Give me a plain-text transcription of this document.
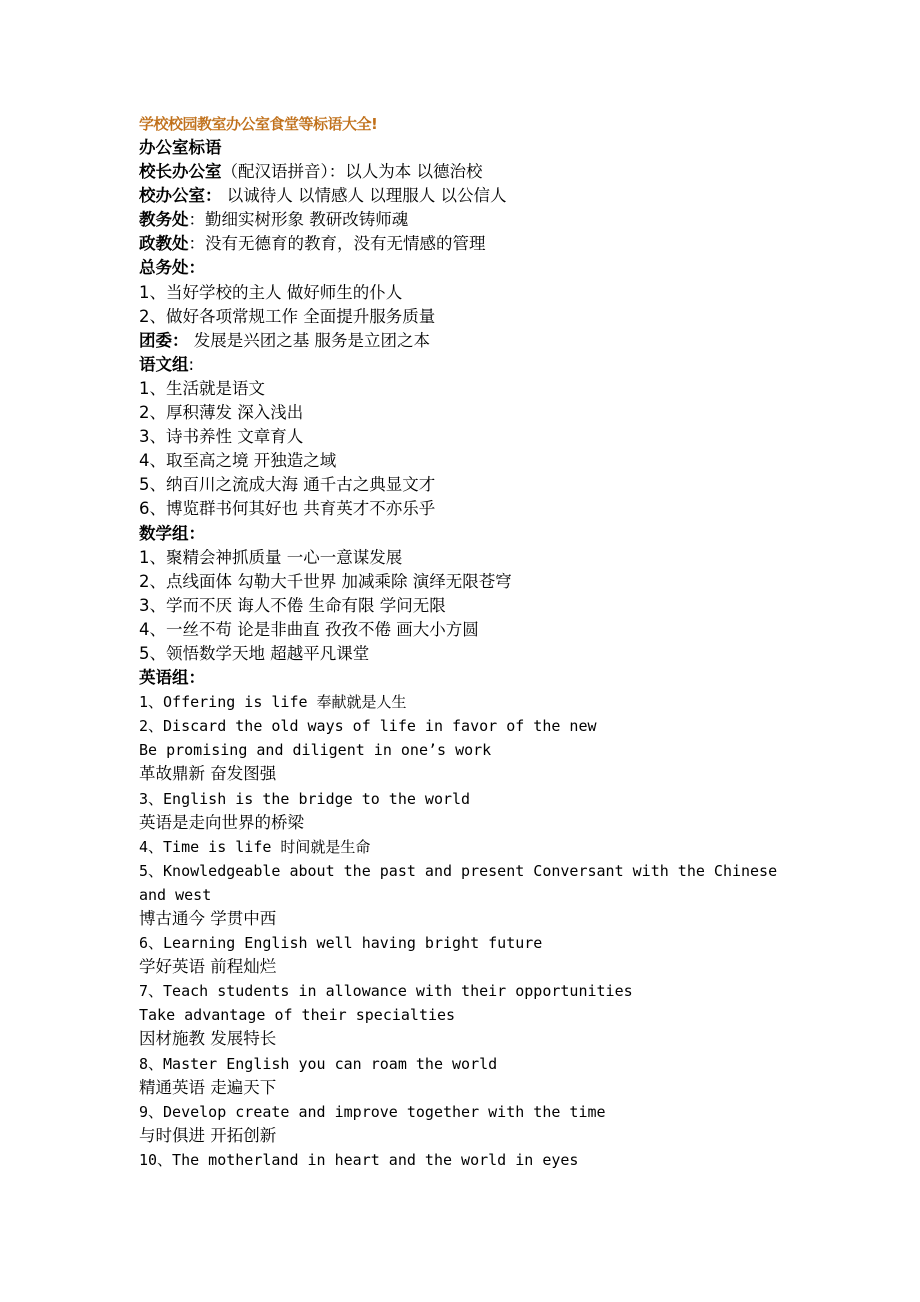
学校校园教室办公室食堂等标语大全!
办公室标语
校长办公室（配汉语拼音）：以人为本 以德治校
校办公室： 以诚待人 以情感人 以理服人 以公信人
教务处：勤细实树形象 教研改铸师魂
政教处：没有无德育的教育，没有无情感的管理
总务处：
1、当好学校的主人 做好师生的仆人
2、做好各项常规工作 全面提升服务质量
团委： 发展是兴团之基 服务是立团之本
语文组:
1、生活就是语文
2、厚积薄发 深入浅出
3、诗书养性 文章育人
4、取至高之境 开独造之域
5、纳百川之流成大海 通千古之典显文才
6、博览群书何其好也 共育英才不亦乐乎
数学组：
1、聚精会神抓质量 一心一意谋发展
2、点线面体 勾勒大千世界 加减乘除 演绎无限苍穹
3、学而不厌 诲人不倦 生命有限 学问无限
4、一丝不苟 论是非曲直 孜孜不倦 画大小方圆
5、领悟数学天地 超越平凡课堂
英语组：
1、Offering is life 奉献就是人生
2、Discard the old ways of life in favor of the new
Be promising and diligent in one’s work
革故鼎新 奋发图强
3、English is the bridge to the world
英语是走向世界的桥梁
4、Time is life 时间就是生命
5、Knowledgeable about the past and present Conversant with the Chinese
and west
博古通今 学贯中西
6、Learning English well having bright future
学好英语 前程灿烂
7、Teach students in allowance with their opportunities
Take advantage of their specialties
因材施教 发展特长
8、Master English you can roam the world
精通英语 走遍天下
9、Develop create and improve together with the time
与时俱进 开拓创新
10、The motherland in heart and the world in eyes
